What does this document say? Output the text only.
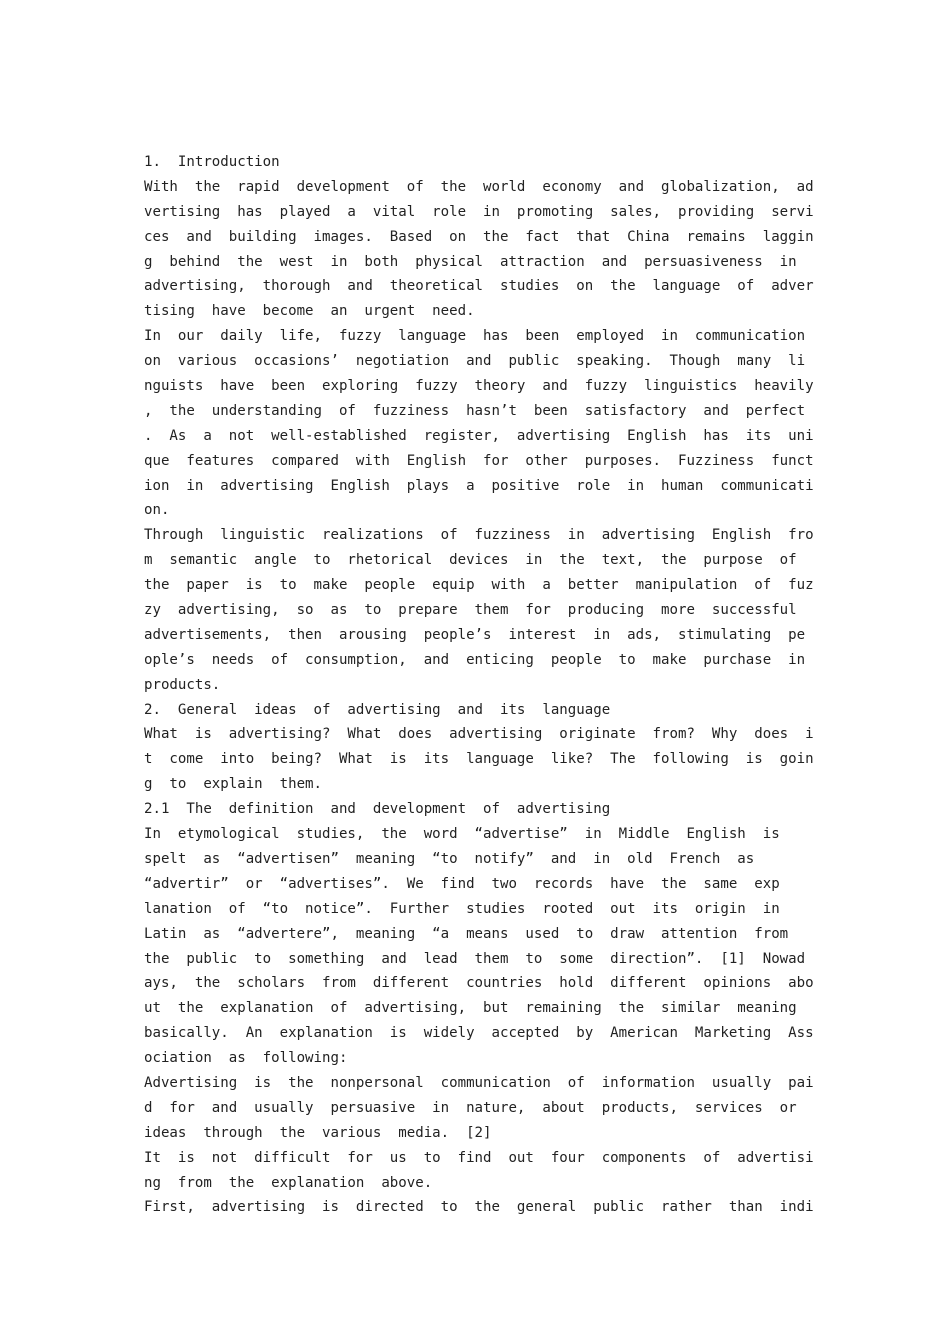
1.  Introduction
With  the  rapid  development  of  the  world  economy  and  globalization,  ad
vertising  has  played  a  vital  role  in  promoting  sales,  providing  servi
ces  and  building  images.  Based  on  the  fact  that  China  remains  laggin
g  behind  the  west  in  both  physical  attraction  and  persuasiveness  in
advertising,  thorough  and  theoretical  studies  on  the  language  of  adver
tising  have  become  an  urgent  need.
In  our  daily  life,  fuzzy  language  has  been  employed  in  communication
on  various  occasions’  negotiation  and  public  speaking.  Though  many  li
nguists  have  been  exploring  fuzzy  theory  and  fuzzy  linguistics  heavily
,  the  understanding  of  fuzziness  hasn’t  been  satisfactory  and  perfect
.  As  a  not  well-established  register,  advertising  English  has  its  uni
que  features  compared  with  English  for  other  purposes.  Fuzziness  funct
ion  in  advertising  English  plays  a  positive  role  in  human  communicati
on.
Through  linguistic  realizations  of  fuzziness  in  advertising  English  fro
m  semantic  angle  to  rhetorical  devices  in  the  text,  the  purpose  of
the  paper  is  to  make  people  equip  with  a  better  manipulation  of  fuz
zy  advertising,  so  as  to  prepare  them  for  producing  more  successful
advertisements,  then  arousing  people’s  interest  in  ads,  stimulating  pe
ople’s  needs  of  consumption,  and  enticing  people  to  make  purchase  in
products.
2.  General  ideas  of  advertising  and  its  language
What  is  advertising?  What  does  advertising  originate  from?  Why  does  i
t  come  into  being?  What  is  its  language  like?  The  following  is  goin
g  to  explain  them.
2.1  The  definition  and  development  of  advertising
In  etymological  studies,  the  word  “advertise”  in  Middle  English  is
spelt  as  “advertisen”  meaning  “to  notify”  and  in  old  French  as
“advertir”  or  “advertises”.  We  find  two  records  have  the  same  exp
lanation  of  “to  notice”.  Further  studies  rooted  out  its  origin  in
Latin  as  “advertere”,  meaning  “a  means  used  to  draw  attention  from
the  public  to  something  and  lead  them  to  some  direction”.  [1]  Nowad
ays,  the  scholars  from  different  countries  hold  different  opinions  abo
ut  the  explanation  of  advertising,  but  remaining  the  similar  meaning
basically.  An  explanation  is  widely  accepted  by  American  Marketing  Ass
ociation  as  following:
Advertising  is  the  nonpersonal  communication  of  information  usually  pai
d  for  and  usually  persuasive  in  nature,  about  products,  services  or
ideas  through  the  various  media.  [2]
It  is  not  difficult  for  us  to  find  out  four  components  of  advertisi
ng  from  the  explanation  above.
First,  advertising  is  directed  to  the  general  public  rather  than  indi
